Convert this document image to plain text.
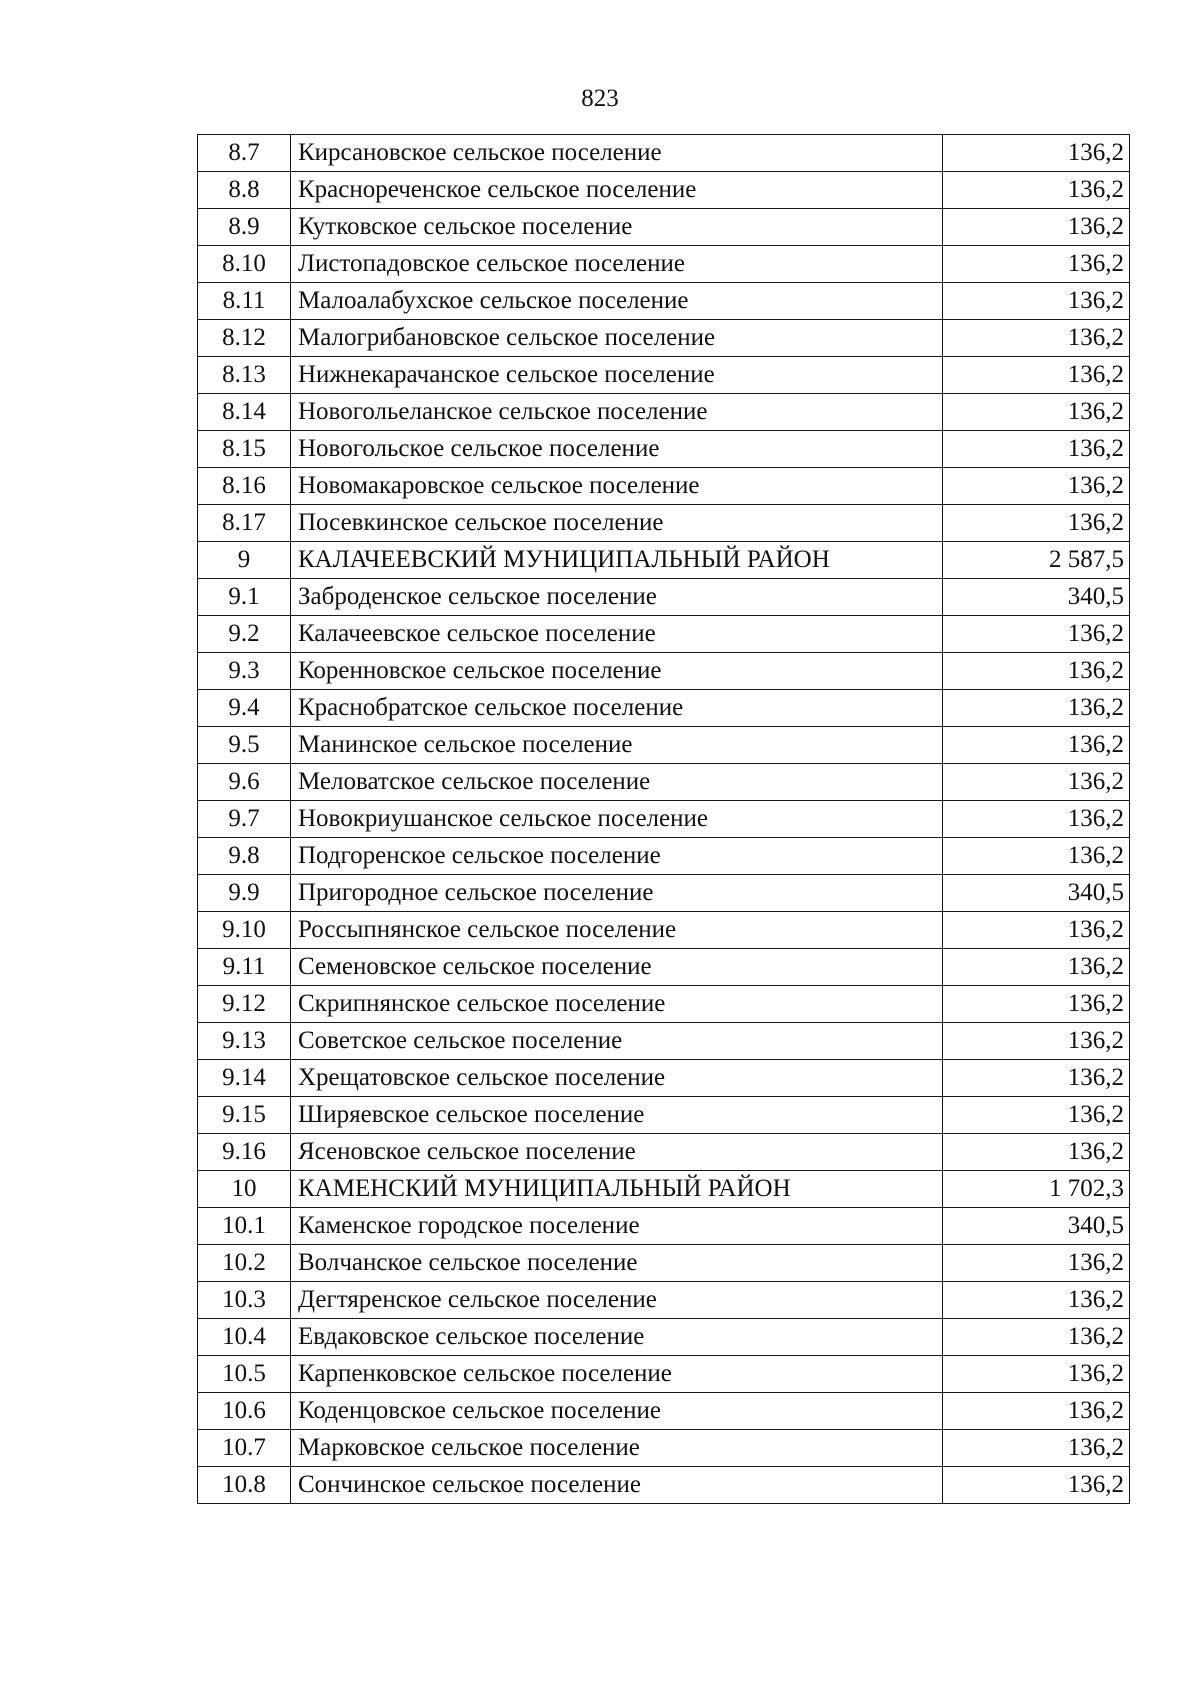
823
8.7	Кирсановское сельское поселение	136,2
8.8	Краснореченское сельское поселение	136,2
8.9	Кутковское сельское поселение	136,2
8.10	Листопадовское сельское поселение	136,2
8.11	Малоалабухское сельское поселение	136,2
8.12	Малогрибановское сельское поселение	136,2
8.13	Нижнекарачанское сельское поселение	136,2
8.14	Новогольеланское сельское поселение	136,2
8.15	Новогольское сельское поселение	136,2
8.16	Новомакаровское сельское поселение	136,2
8.17	Посевкинское сельское поселение	136,2
9	КАЛАЧЕЕВСКИЙ МУНИЦИПАЛЬНЫЙ РАЙОН	2 587,5
9.1	Заброденское сельское поселение	340,5
9.2	Калачеевское сельское поселение	136,2
9.3	Коренновское сельское поселение	136,2
9.4	Краснобратское сельское поселение	136,2
9.5	Манинское сельское поселение	136,2
9.6	Меловатское сельское поселение	136,2
9.7	Новокриушанское сельское поселение	136,2
9.8	Подгоренское сельское поселение	136,2
9.9	Пригородное сельское поселение	340,5
9.10	Россыпнянское сельское поселение	136,2
9.11	Семеновское сельское поселение	136,2
9.12	Скрипнянское сельское поселение	136,2
9.13	Советское сельское поселение	136,2
9.14	Хрещатовское сельское поселение	136,2
9.15	Ширяевское сельское поселение	136,2
9.16	Ясеновское сельское поселение	136,2
10	КАМЕНСКИЙ МУНИЦИПАЛЬНЫЙ РАЙОН	1 702,3
10.1	Каменское городское поселение	340,5
10.2	Волчанское сельское поселение	136,2
10.3	Дегтяренское сельское поселение	136,2
10.4	Евдаковское сельское поселение	136,2
10.5	Карпенковское сельское поселение	136,2
10.6	Коденцовское сельское поселение	136,2
10.7	Марковское сельское поселение	136,2
10.8	Сончинское сельское поселение	136,2
